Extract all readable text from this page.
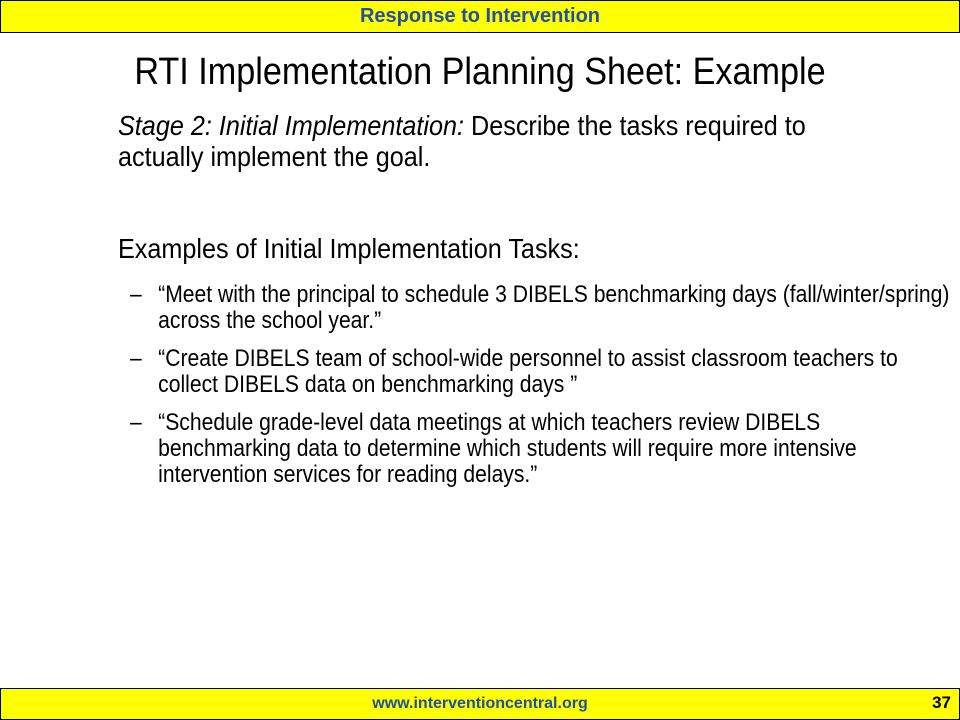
Response to Intervention
RTI Implementation Planning Sheet: Example
Stage 2: Initial Implementation: Describe the tasks required to actually implement the goal.
Examples of Initial Implementation Tasks:
– “Meet with the principal to schedule 3 DIBELS benchmarking days (fall/winter/spring) across the school year.”
– “Create DIBELS team of school-wide personnel to assist classroom teachers to collect DIBELS data on benchmarking days ”
– “Schedule grade-level data meetings at which teachers review DIBELS benchmarking data to determine which students will require more intensive intervention services for reading delays.”
www.interventioncentral.org	37
